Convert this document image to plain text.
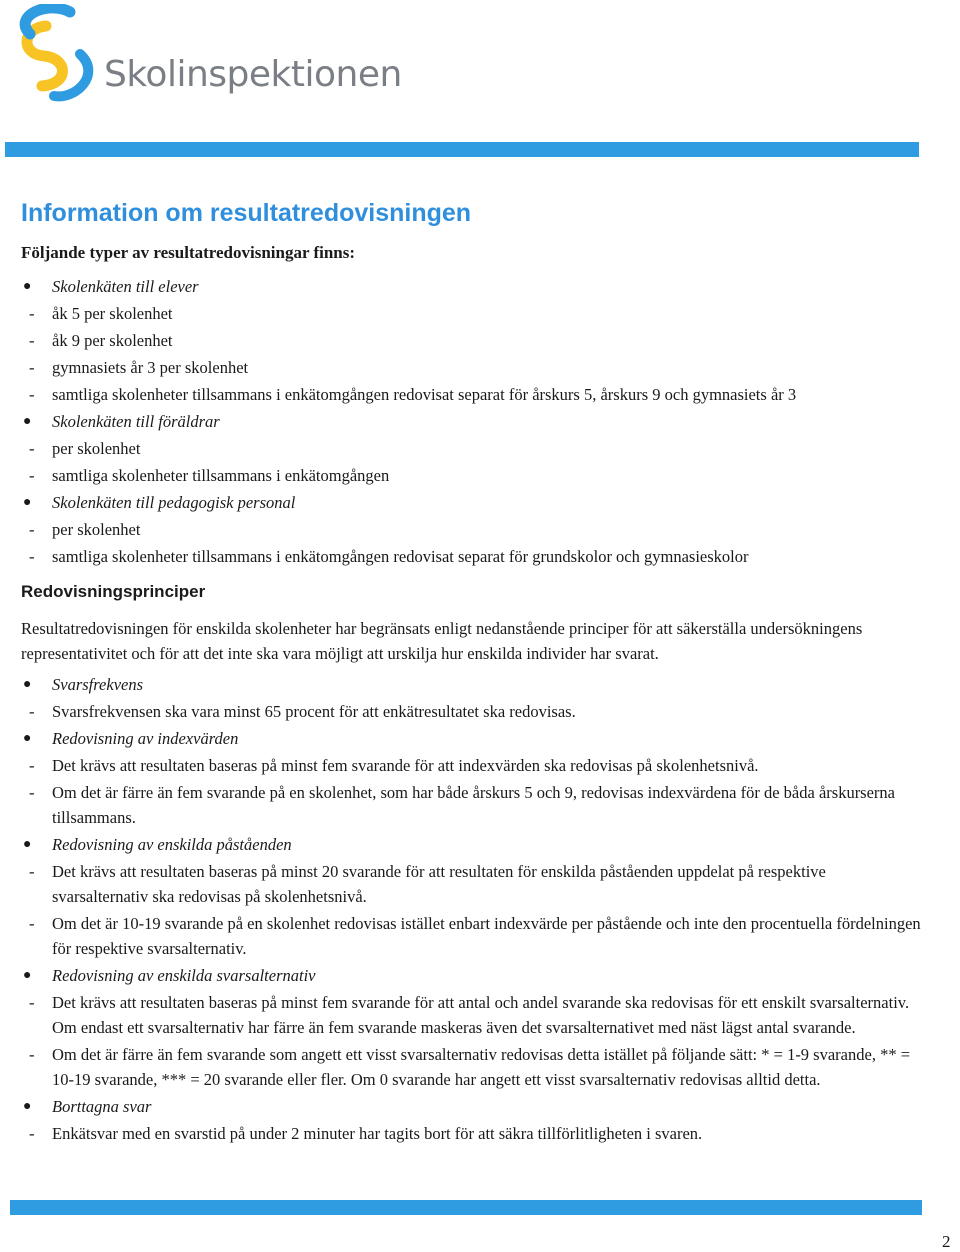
Skolinspektionen
Information om resultatredovisningen

Följande typer av resultatredovisningar finns:

●	Skolenkäten till elever
-	åk 5 per skolenhet
-	åk 9 per skolenhet
-	gymnasiets år 3 per skolenhet
-	samtliga skolenheter tillsammans i enkätomgången redovisat separat för årskurs 5, årskurs 9 och gymnasiets år 3
●	Skolenkäten till föräldrar
-	per skolenhet
-	samtliga skolenheter tillsammans i enkätomgången
●	Skolenkäten till pedagogisk personal
-	per skolenhet
-	samtliga skolenheter tillsammans i enkätomgången redovisat separat för grundskolor och gymnasieskolor
Redovisningsprinciper

Resultatredovisningen för enskilda skolenheter har begränsats enligt nedanstående principer för att säkerställa undersökningens representativitet och för att det inte ska vara möjligt att urskilja hur enskilda individer har svarat.

●	Svarsfrekvens
-	Svarsfrekvensen ska vara minst 65 procent för att enkätresultatet ska redovisas.
●	Redovisning av indexvärden
-	Det krävs att resultaten baseras på minst fem svarande för att indexvärden ska redovisas på skolenhetsnivå.
-	Om det är färre än fem svarande på en skolenhet, som har både årskurs 5 och 9, redovisas indexvärdena för de båda årskurserna tillsammans.
●	Redovisning av enskilda påståenden
-	Det krävs att resultaten baseras på minst 20 svarande för att resultaten för enskilda påståenden uppdelat på respektive svarsalternativ ska redovisas på skolenhetsnivå.
-	Om det är 10-19 svarande på en skolenhet redovisas istället enbart indexvärde per påstående och inte den procentuella fördelningen för respektive svarsalternativ.
●	Redovisning av enskilda svarsalternativ
-	Det krävs att resultaten baseras på minst fem svarande för att antal och andel svarande ska redovisas för ett enskilt svarsalternativ. Om endast ett svarsalternativ har färre än fem svarande maskeras även det svarsalternativet med näst lägst antal svarande.
-	Om det är färre än fem svarande som angett ett visst svarsalternativ redovisas detta istället på följande sätt: * = 1-9 svarande, ** = 10-19 svarande, *** = 20 svarande eller fler. Om 0 svarande har angett ett visst svarsalternativ redovisas alltid detta.
●	Borttagna svar
-	Enkätsvar med en svarstid på under 2 minuter har tagits bort för att säkra tillförlitligheten i svaren.
2
